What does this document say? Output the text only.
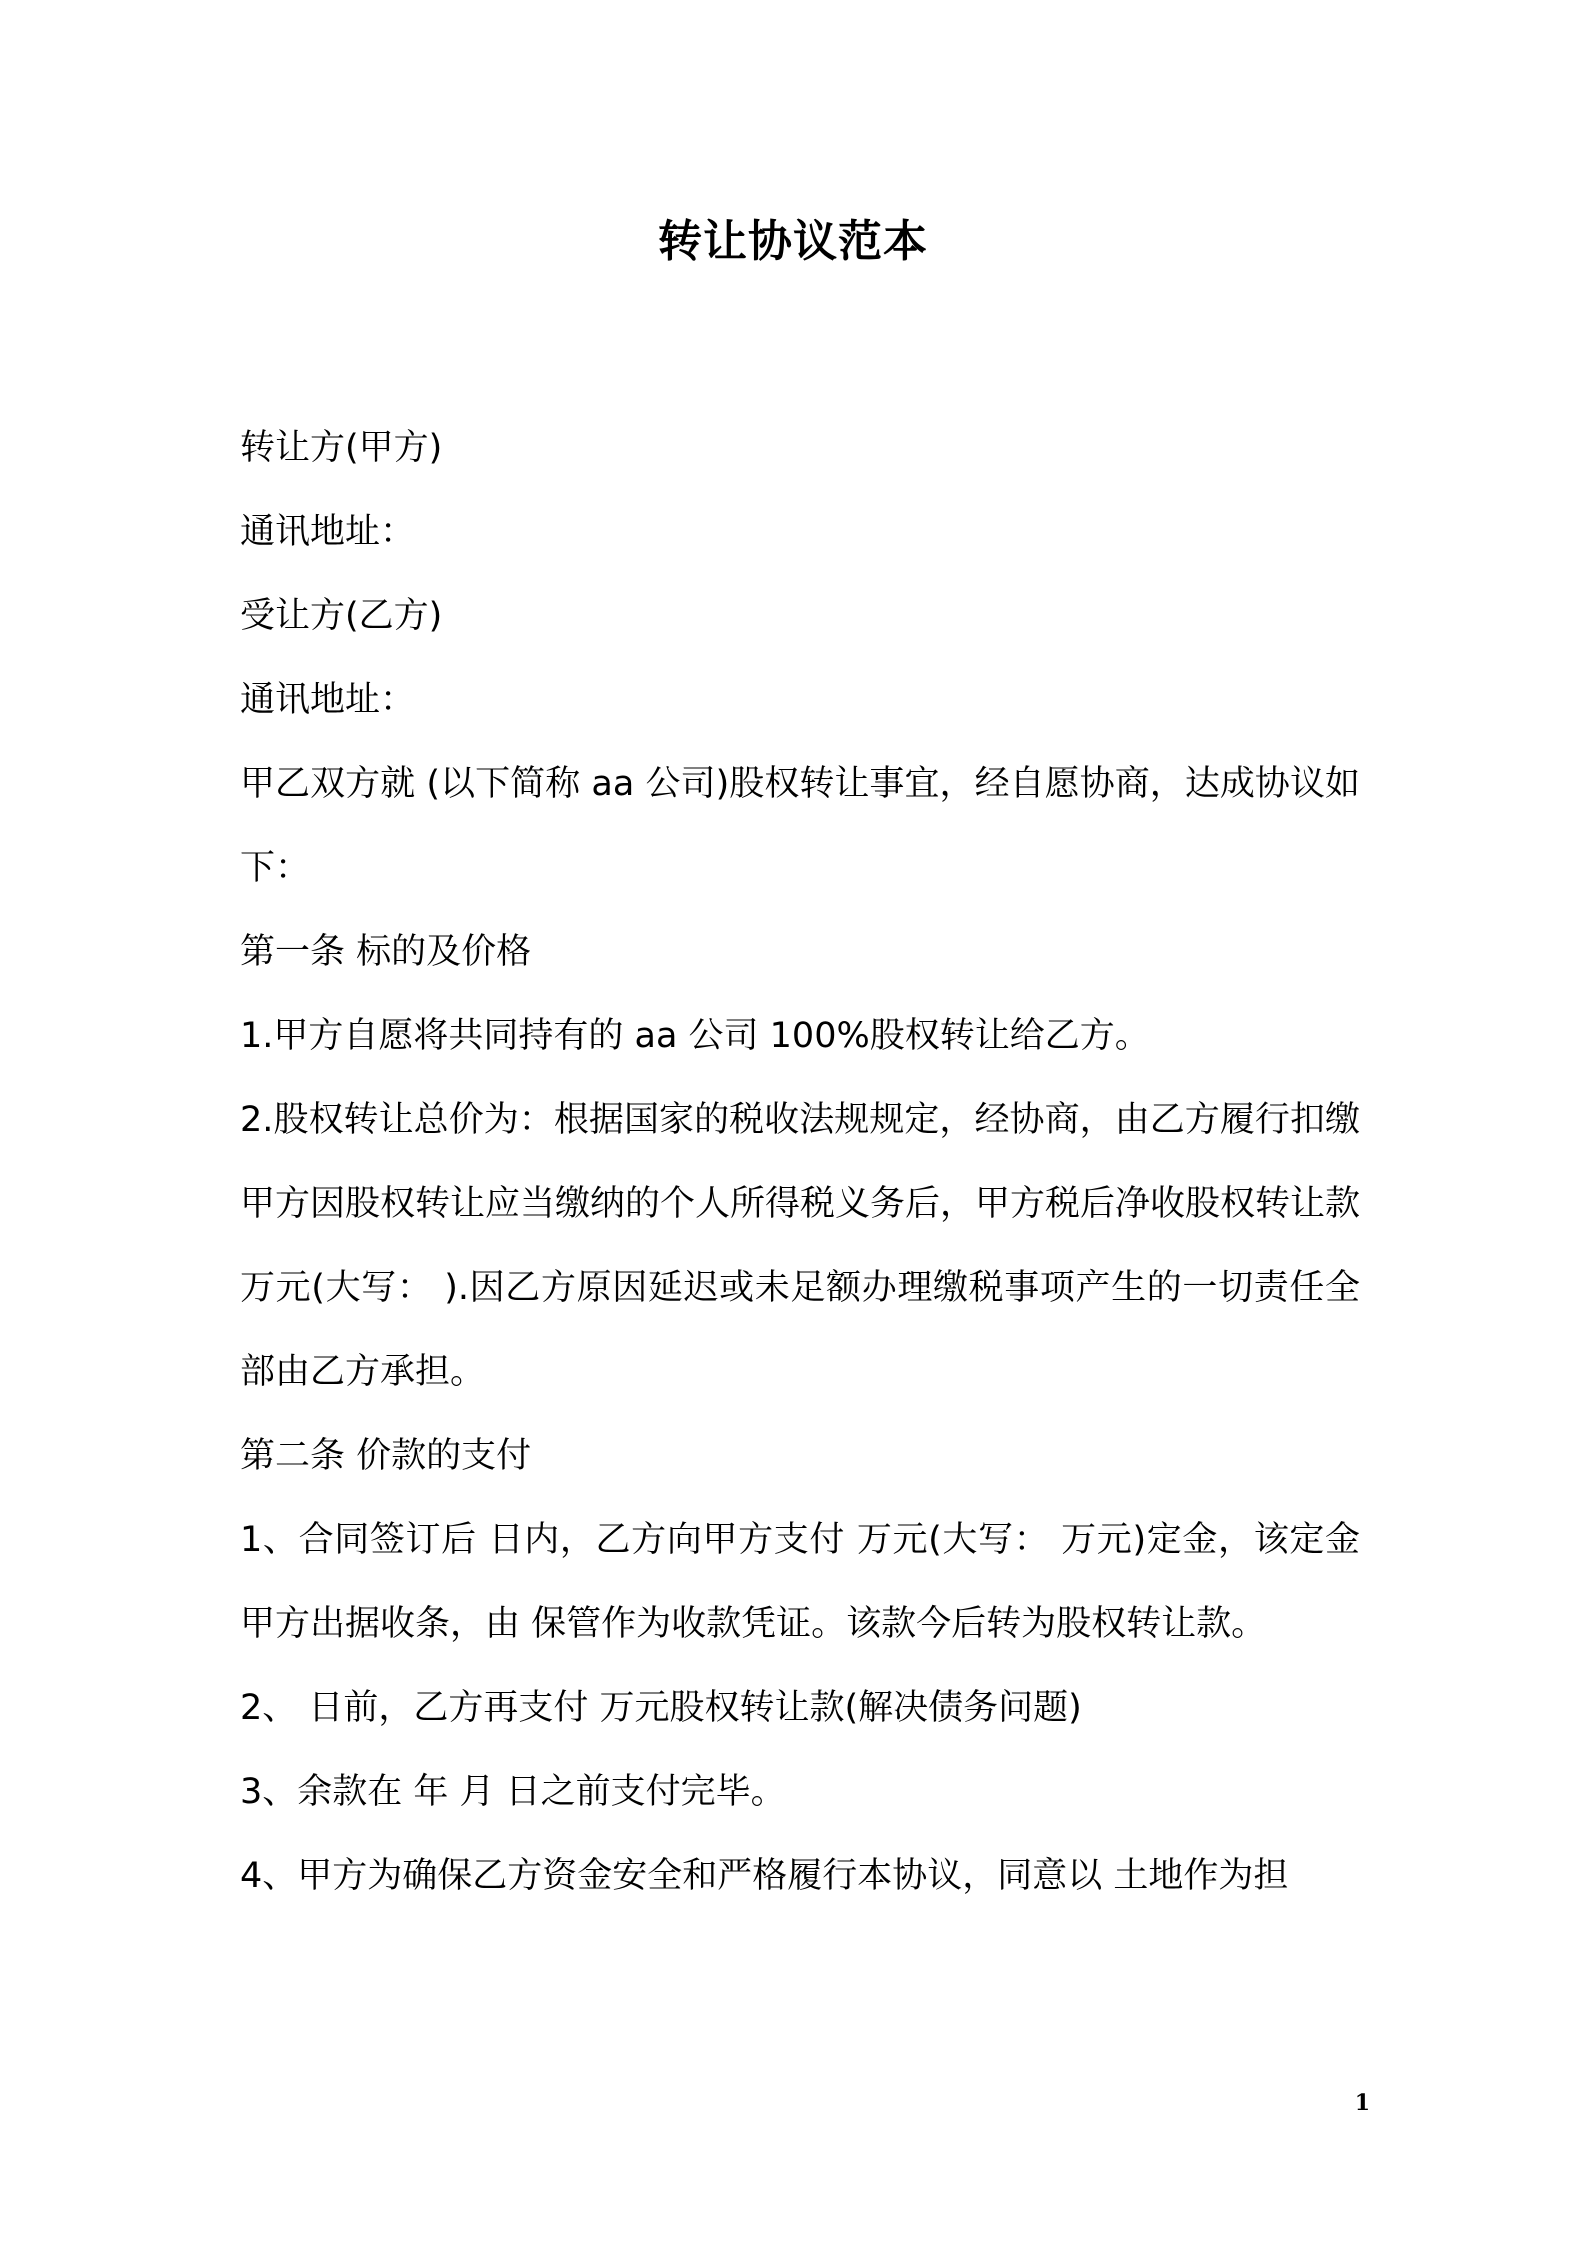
转让协议范本

转让方(甲方)

通讯地址：

受让方(乙方)

通讯地址：

甲乙双方就 (以下简称 aa 公司)股权转让事宜，经自愿协商，达成协议如下：

第一条 标的及价格

1.甲方自愿将共同持有的 aa 公司 100%股权转让给乙方。

2.股权转让总价为：根据国家的税收法规规定，经协商，由乙方履行扣缴甲方因股权转让应当缴纳的个人所得税义务后，甲方税后净收股权转让款 万元(大写： ).因乙方原因延迟或未足额办理缴税事项产生的一切责任全部由乙方承担。

第二条 价款的支付

1、合同签订后 日内，乙方向甲方支付 万元(大写： 万元)定金，该定金甲方出据收条，由 保管作为收款凭证。该款今后转为股权转让款。

2、 日前，乙方再支付 万元股权转让款(解决债务问题)

3、余款在 年 月 日之前支付完毕。

4、甲方为确保乙方资金安全和严格履行本协议，同意以 土地作为担

1
